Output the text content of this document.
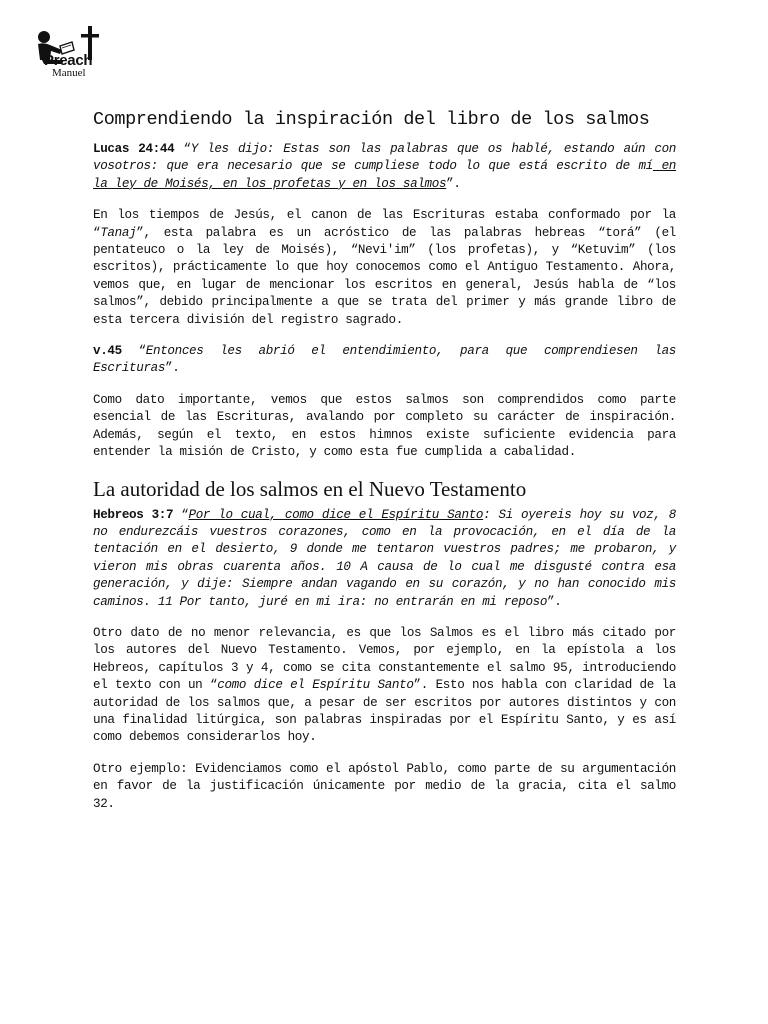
Preach
Manuel
Comprendiendo la inspiración del libro de los salmos

Lucas 24:44 “Y les dijo: Estas son las palabras que os hablé, estando aún con vosotros: que era necesario que se cumpliese todo lo que está escrito de mí en la ley de Moisés, en los profetas y en los salmos”.

En los tiempos de Jesús, el canon de las Escrituras estaba conformado por la “Tanaj”, esta palabra es un acróstico de las palabras hebreas “torá” (el pentateuco o la ley de Moisés), “Nevi'im” (los profetas), y “Ketuvim” (los escritos), prácticamente lo que hoy conocemos como el Antiguo Testamento. Ahora, vemos que, en lugar de mencionar los escritos en general, Jesús habla de “los salmos”, debido principalmente a que se trata del primer y más grande libro de esta tercera división del registro sagrado.

v.45 “Entonces les abrió el entendimiento, para que comprendiesen las Escrituras”.

Como dato importante, vemos que estos salmos son comprendidos como parte esencial de las Escrituras, avalando por completo su carácter de inspiración. Además, según el texto, en estos himnos existe suficiente evidencia para entender la misión de Cristo, y como esta fue cumplida a cabalidad.

La autoridad de los salmos en el Nuevo Testamento

Hebreos 3:7 “Por lo cual, como dice el Espíritu Santo: Si oyereis hoy su voz, 8 no endurezcáis vuestros corazones, como en la provocación, en el día de la tentación en el desierto, 9 donde me tentaron vuestros padres; me probaron, y vieron mis obras cuarenta años. 10 A causa de lo cual me disgusté contra esa generación, y dije: Siempre andan vagando en su corazón, y no han conocido mis caminos. 11 Por tanto, juré en mi ira: no entrarán en mi reposo”.

Otro dato de no menor relevancia, es que los Salmos es el libro más citado por los autores del Nuevo Testamento. Vemos, por ejemplo, en la epístola a los Hebreos, capítulos 3 y 4, como se cita constantemente el salmo 95, introduciendo el texto con un “como dice el Espíritu Santo”. Esto nos habla con claridad de la autoridad de los salmos que, a pesar de ser escritos por autores distintos y con una finalidad litúrgica, son palabras inspiradas por el Espíritu Santo, y es así como debemos considerarlos hoy.

Otro ejemplo: Evidenciamos como el apóstol Pablo, como parte de su argumentación en favor de la justificación únicamente por medio de la gracia, cita el salmo 32.
